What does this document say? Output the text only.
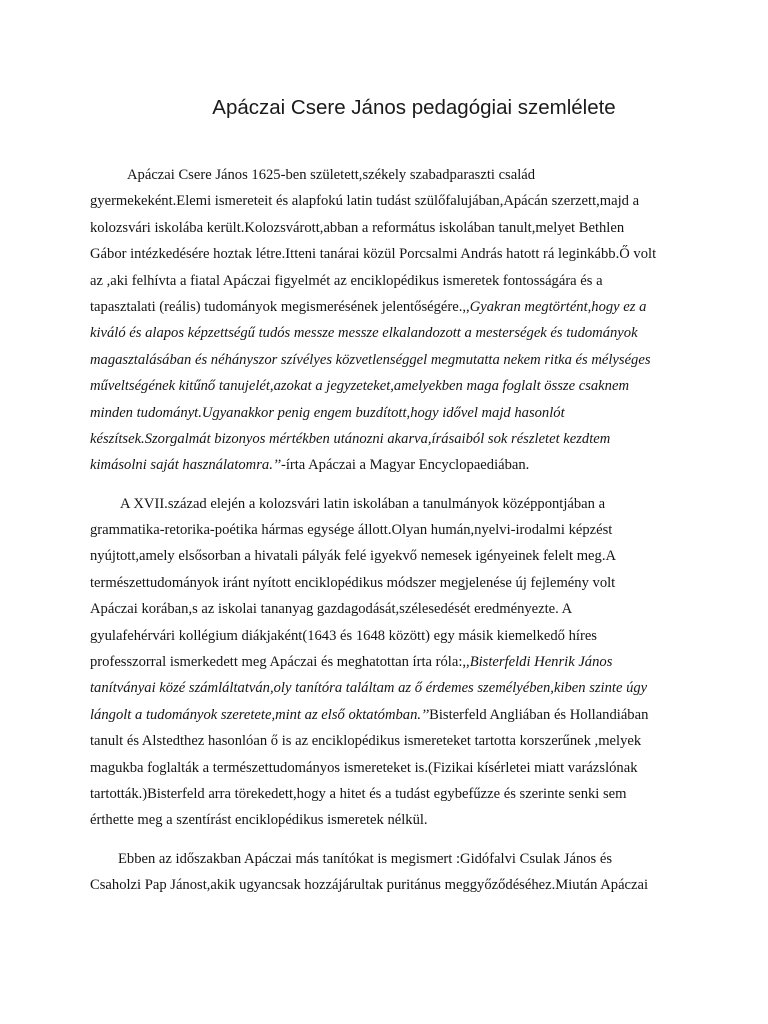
Apáczai Csere János pedagógiai szemlélete
Apáczai Csere János 1625-ben született,székely szabadparaszti család
gyermekeként.Elemi ismereteit és alapfokú latin tudást szülőfalujában,Apácán szerzett,majd a
kolozsvári iskolába került.Kolozsvárott,abban a református iskolában tanult,melyet Bethlen
Gábor intézkedésére hoztak létre.Itteni tanárai közül Porcsalmi András hatott rá leginkább.Ő volt
az ,aki felhívta a fiatal Apáczai figyelmét az enciklopédikus ismeretek fontosságára és a
tapasztalati (reális) tudományok megismerésének jelentőségére.,,Gyakran megtörtént,hogy ez a
kiváló és alapos képzettségű tudós messze messze elkalandozott a mesterségek és tudományok
magasztalásában és néhányszor szívélyes közvetlenséggel megmutatta nekem ritka és mélységes
műveltségének kitűnő tanujelét,azokat a jegyzeteket,amelyekben maga foglalt össze csaknem
minden tudományt.Ugyanakkor penig engem buzdított,hogy idővel majd hasonlót
készítsek.Szorgalmát bizonyos mértékben utánozni akarva,írásaiból sok részletet kezdtem
kimásolni saját használatomra.’’-írta Apáczai a Magyar Encyclopaediában.
A XVII.század elején a kolozsvári latin iskolában a tanulmányok középpontjában a
grammatika-retorika-poétika hármas egysége állott.Olyan humán,nyelvi-irodalmi képzést
nyújtott,amely elsősorban a hivatali pályák felé igyekvő nemesek igényeinek felelt meg.A
természettudományok iránt nyított enciklopédikus módszer megjelenése új fejlemény volt
Apáczai korában,s az iskolai tananyag gazdagodását,szélesedését eredményezte. A
gyulafehérvári kollégium diákjaként(1643 és 1648 között) egy másik kiemelkedő híres
professzorral ismerkedett meg Apáczai és meghatottan írta róla:,,Bisterfeldi Henrik János
tanítványai közé számláltatván,oly tanítóra találtam az ő érdemes személyében,kiben szinte úgy
lángolt a tudományok szeretete,mint az első oktatómban.’’Bisterfeld Angliában és Hollandiában
tanult és Alstedthez hasonlóan ő is az enciklopédikus ismereteket tartotta korszerűnek ,melyek
magukba foglalták a természettudományos ismereteket is.(Fizikai kísérletei miatt varázslónak
tartották.)Bisterfeld arra törekedett,hogy a hitet és a tudást egybefűzze és szerinte senki sem
érthette meg a szentírást enciklopédikus ismeretek nélkül.
Ebben az időszakban Apáczai más tanítókat is megismert :Gidófalvi Csulak János és
Csaholzi Pap Jánost,akik ugyancsak hozzájárultak puritánus meggyőződéséhez.Miután Apáczai
